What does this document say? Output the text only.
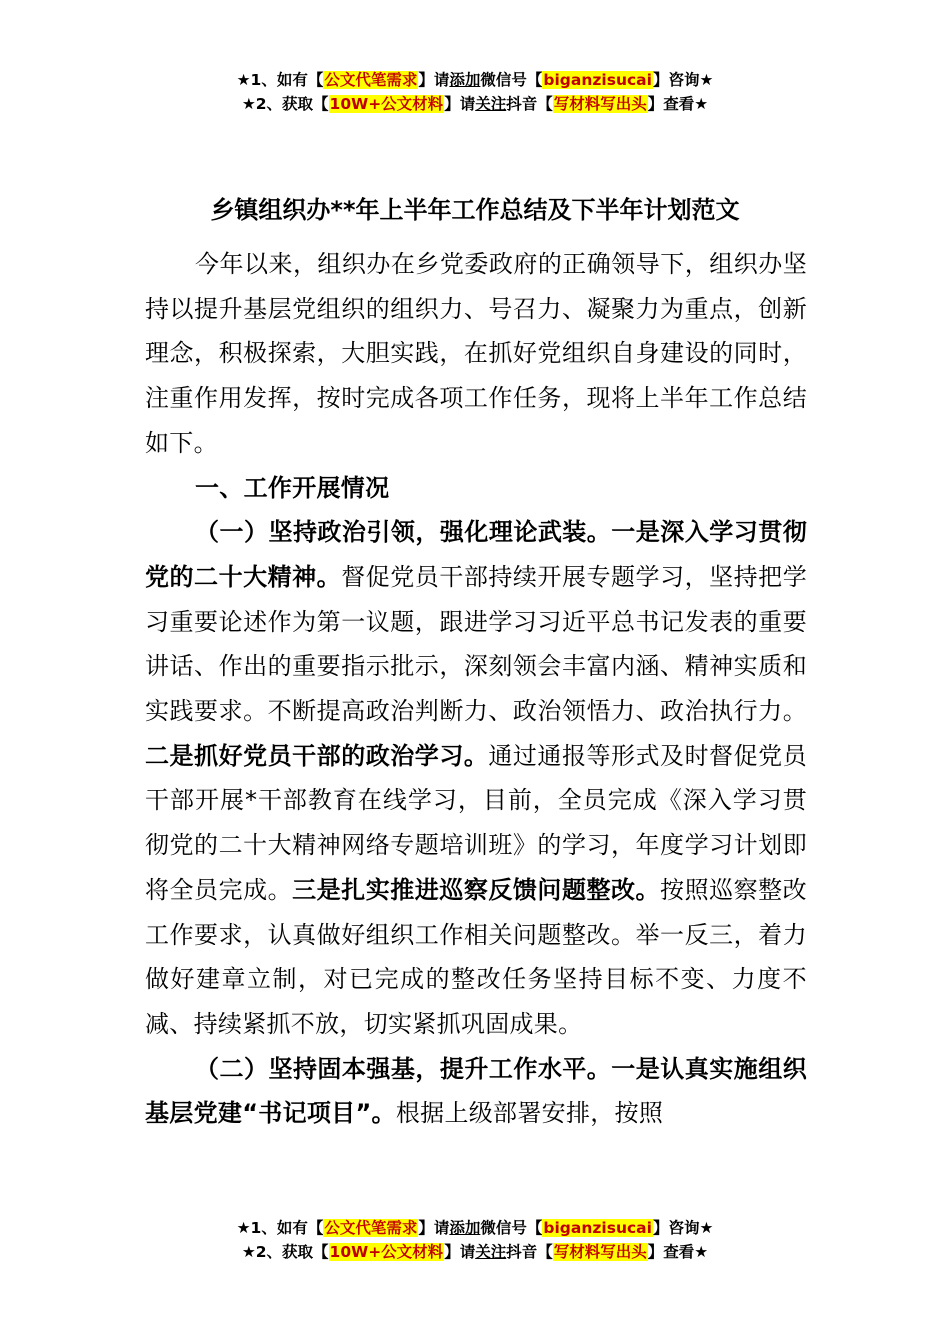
★1、如有【公文代笔需求】请添加微信号【biganzisucai】咨询★
★2、获取【10W+公文材料】请关注抖音【写材料写出头】查看★
乡镇组织办**年上半年工作总结及下半年计划范文

今年以来，组织办在乡党委政府的正确领导下，组织办坚持以提升基层党组织的组织力、号召力、凝聚力为重点，创新理念，积极探索，大胆实践，在抓好党组织自身建设的同时，注重作用发挥，按时完成各项工作任务，现将上半年工作总结如下。

一、工作开展情况

（一）坚持政治引领，强化理论武装。一是深入学习贯彻党的二十大精神。督促党员干部持续开展专题学习，坚持把学习重要论述作为第一议题，跟进学习习近平总书记发表的重要讲话、作出的重要指示批示，深刻领会丰富内涵、精神实质和实践要求。不断提高政治判断力、政治领悟力、政治执行力。二是抓好党员干部的政治学习。通过通报等形式及时督促党员干部开展*干部教育在线学习，目前，全员完成《深入学习贯彻党的二十大精神网络专题培训班》的学习，年度学习计划即将全员完成。三是扎实推进巡察反馈问题整改。按照巡察整改工作要求，认真做好组织工作相关问题整改。举一反三，着力做好建章立制，对已完成的整改任务坚持目标不变、力度不减、持续紧抓不放，切实紧抓巩固成果。

（二）坚持固本强基，提升工作水平。一是认真实施组织基层党建“书记项目”。根据上级部署安排，按照

★1、如有【公文代笔需求】请添加微信号【biganzisucai】咨询★
★2、获取【10W+公文材料】请关注抖音【写材料写出头】查看★
